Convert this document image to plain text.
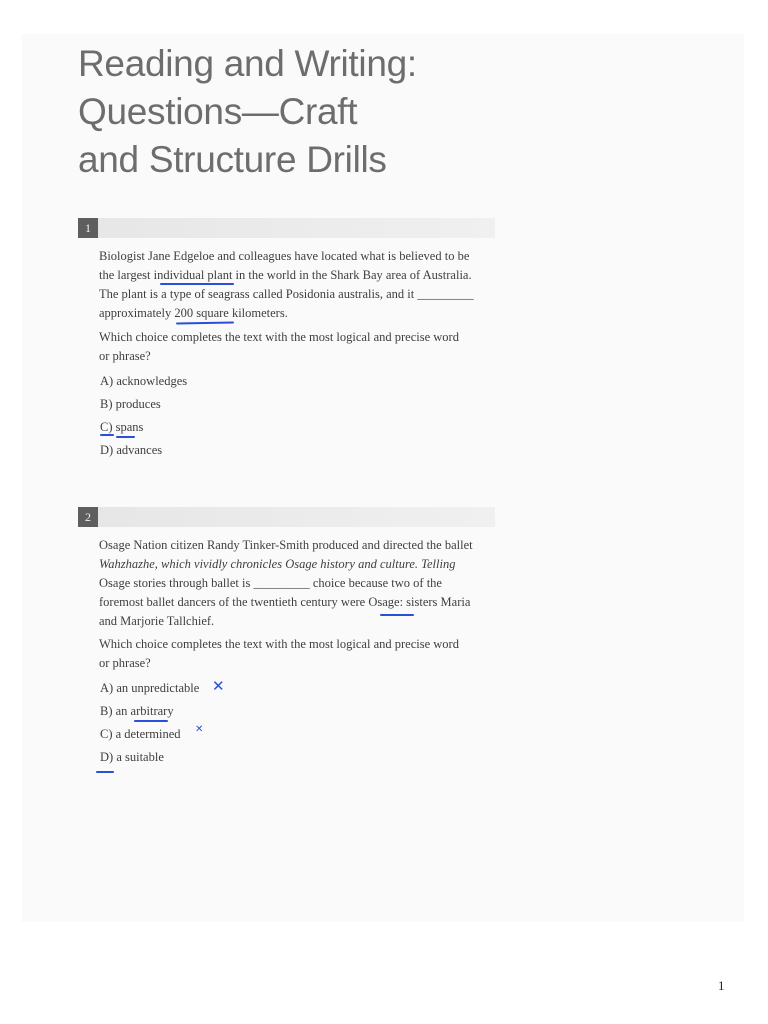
Reading and Writing:
Questions—Craft
and Structure Drills
1

Biologist Jane Edgeloe and colleagues have located what is believed to be
the largest individual plant in the world in the Shark Bay area of Australia.
The plant is a type of seagrass called Posidonia australis, and it _________
approximately 200 square kilometers.

Which choice completes the text with the most logical and precise word
or phrase?

A) acknowledges
B) produces
C) spans
D) advances
2

Osage Nation citizen Randy Tinker-Smith produced and directed the ballet
Wahzhazhe, which vividly chronicles Osage history and culture. Telling
Osage stories through ballet is _________ choice because two of the
foremost ballet dancers of the twentieth century were Osage: sisters Maria
and Marjorie Tallchief.

Which choice completes the text with the most logical and precise word
or phrase?

A) an unpredictable
B) an arbitrary
C) a determined
D) a suitable
✕
✕
1
